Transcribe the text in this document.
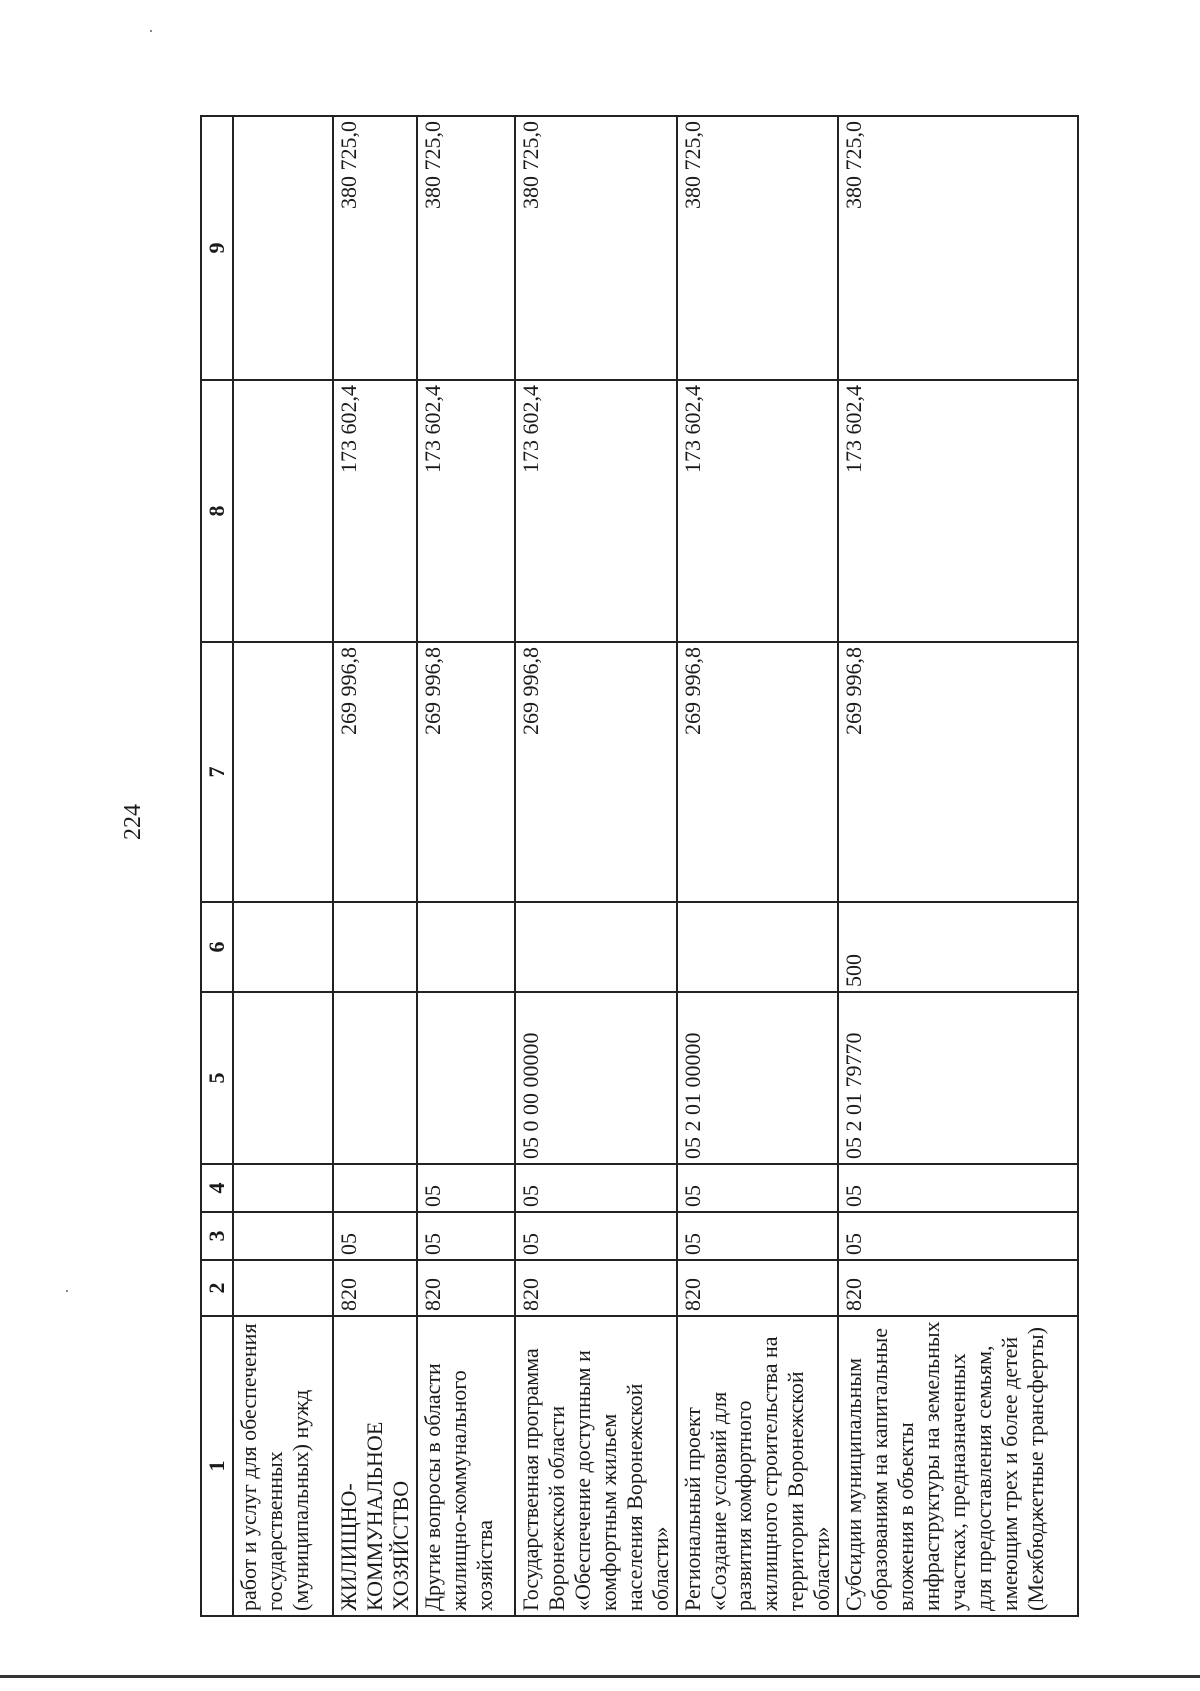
224
1	2	3	4	5	6	7	8	9
работ и услуг для обеспечения государственных (муниципальных) нужд								
ЖИЛИЩНО-КОММУНАЛЬНОЕ ХОЗЯЙСТВО	820	05				269 996,8	173 602,4	380 725,0
Другие вопросы в области жилищно-коммунального хозяйства	820	05	05			269 996,8	173 602,4	380 725,0
Государственная программа Воронежской области «Обеспечение доступным и комфортным жильем населения Воронежской области»	820	05	05	05 0 00 00000		269 996,8	173 602,4	380 725,0
Региональный проект «Создание условий для развития комфортного жилищного строительства на территории Воронежской области»	820	05	05	05 2 01 00000		269 996,8	173 602,4	380 725,0
Субсидии муниципальным образованиям на капитальные вложения в объекты инфраструктуры на земельных участках, предназначенных для предоставления семьям, имеющим трех и более детей (Межбюджетные трансферты)	820	05	05	05 2 01 79770	500	269 996,8	173 602,4	380 725,0
